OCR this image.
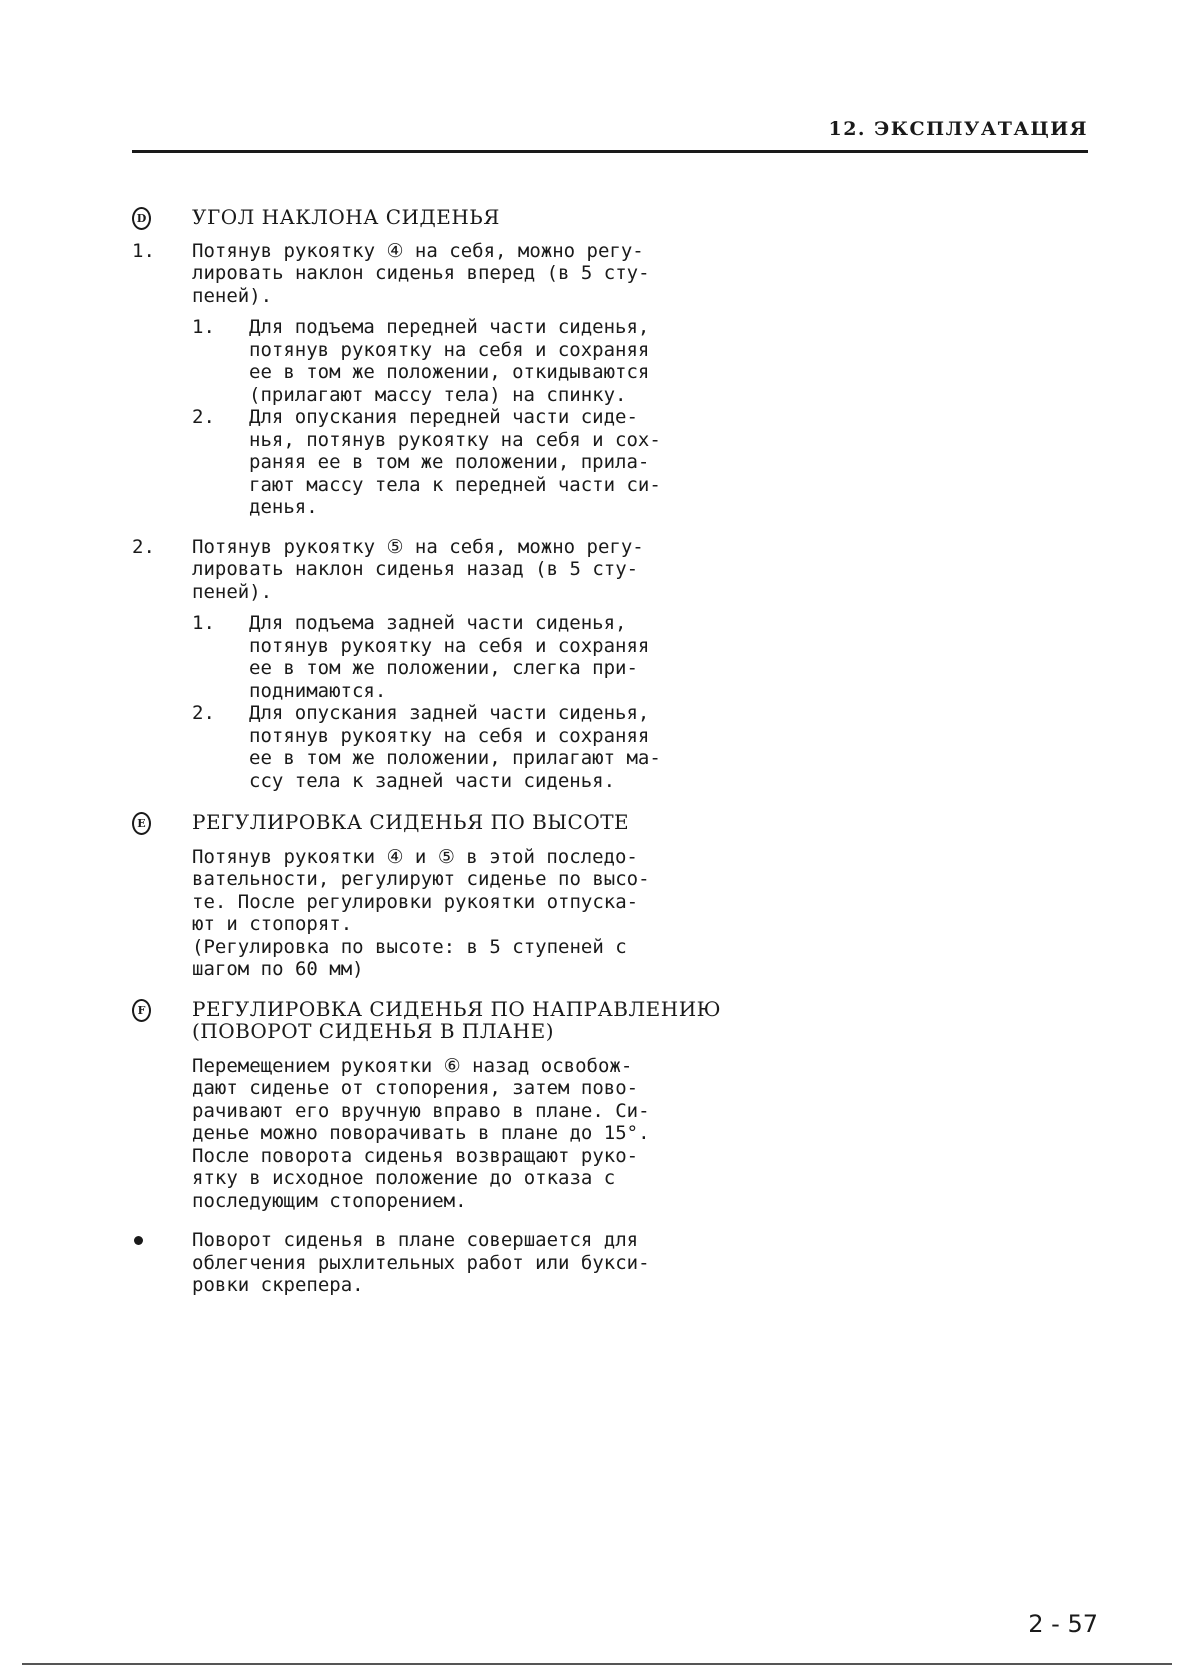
12. ЭКСПЛУАТАЦИЯ
D УГОЛ НАКЛОНА СИДЕНЬЯ
1. Потянув рукоятку ④ на себя, можно регу-
лировать наклон сиденья вперед (в 5 сту-
пеней).
1. Для подъема передней части сиденья,
потянув рукоятку на себя и сохраняя
ее в том же положении, откидываются
(прилагают массу тела) на спинку.
2. Для опускания передней части сиде-
нья, потянув рукоятку на себя и сох-
раняя ее в том же положении, прила-
гают массу тела к передней части си-
денья.
2. Потянув рукоятку ⑤ на себя, можно регу-
лировать наклон сиденья назад (в 5 сту-
пеней).
1. Для подъема задней части сиденья,
потянув рукоятку на себя и сохраняя
ее в том же положении, слегка при-
поднимаются.
2. Для опускания задней части сиденья,
потянув рукоятку на себя и сохраняя
ее в том же положении, прилагают ма-
ссу тела к задней части сиденья.
E РЕГУЛИРОВКА СИДЕНЬЯ ПО ВЫСОТЕ
Потянув рукоятки ④ и ⑤ в этой последо-
вательности, регулируют сиденье по высо-
те. После регулировки рукоятки отпуска-
ют и стопорят.
(Регулировка по высоте: в 5 ступеней с
шагом по 60 мм)
F РЕГУЛИРОВКА СИДЕНЬЯ ПО НАПРАВЛЕНИЮ
(ПОВОРОТ СИДЕНЬЯ В ПЛАНЕ)
Перемещением рукоятки ⑥ назад освобож-
дают сиденье от стопорения, затем пово-
рачивают его вручную вправо в плане. Си-
денье можно поворачивать в плане до 15°.
После поворота сиденья возвращают руко-
ятку в исходное положение до отказа с
последующим стопорением.
Поворот сиденья в плане совершается для
облегчения рыхлительных работ или букси-
ровки скрепера.
2 - 57
